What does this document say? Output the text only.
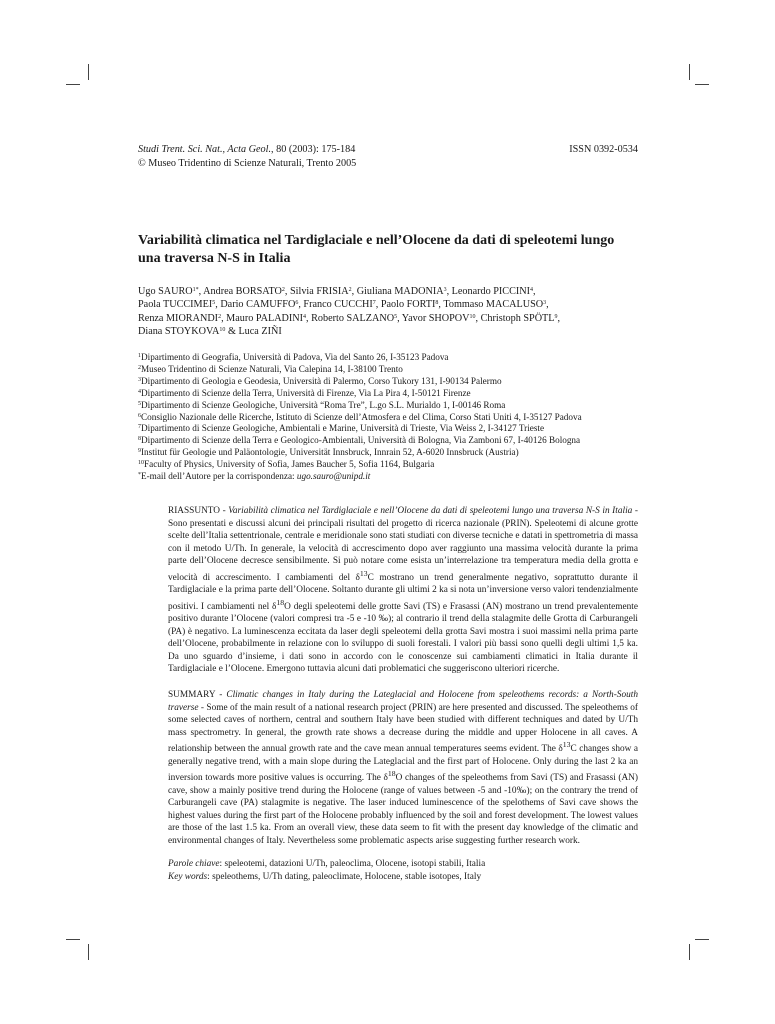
Studi Trent. Sci. Nat., Acta Geol., 80 (2003): 175-184	ISSN 0392-0534
© Museo Tridentino di Scienze Naturali, Trento 2005
Variabilità climatica nel Tardiglaciale e nell’Olocene da dati di speleotemi lungo
una traversa N-S in Italia
Ugo $SAURO^{1*}$, Andrea BORSATO$^2$, Silvia FRISIA$^2$, Giuliana MADONIA$^3$, Leonardo PICCINI$^4$,
Paola TUCCIMEI$^5$, Dario CAMUFFO$^6$, Franco CUCCHI$^7$, Paolo FORTI$^8$, Tommaso MACALUSO$^3$,
Renza MIORANDI$^2$, Mauro PALADINI$^4$, Roberto SALZANO$^5$, Yavor SHOPOV$^{10}$, Christoph SPÖTL$^9$,
Diana STOYKOVA$^{10}$ & Luca ZIÑI
$^1$Dipartimento di Geografia, Università di Padova, Via del Santo 26, I-35123 Padova
$^2$Museo Tridentino di Scienze Naturali, Via Calepina 14, I-38100 Trento
$^3$Dipartimento di Geologia e Geodesia, Università di Palermo, Corso Tukory 131, I-90134 Palermo
$^4$Dipartimento di Scienze della Terra, Università di Firenze, Via La Pira 4, I-50121 Firenze
$^5$Dipartimento di Scienze Geologiche, Università “Roma Tre”, L.go S.L. Murialdo 1, I-00146 Roma
$^6$Consiglio Nazionale delle Ricerche, Istituto di Scienze dell’Atmosfera e del Clima, Corso Stati Uniti 4, I-35127 Padova
$^7$Dipartimento di Scienze Geologiche, Ambientali e Marine, Università di Trieste, Via Weiss 2, I-34127 Trieste
$^8$Dipartimento di Scienze della Terra e Geologico-Ambientali, Università di Bologna, Via Zamboni 67, I-40126 Bologna
$^9$Institut für Geologie und Paläontologie, Universität Innsbruck, Innrain 52, A-6020 Innsbruck (Austria)
$^{10}$Faculty of Physics, University of Sofia, James Baucher 5, Sofia 1164, Bulgaria
*E-mail dell’Autore per la corrispondenza: ugo.sauro@unipd.it
RIASSUNTO - Variabilità climatica nel Tardiglaciale e nell’Olocene da dati di speleotemi lungo una traversa N-S in Italia - Sono presentati e discussi alcuni dei principali risultati del progetto di ricerca nazionale (PRIN). Speleotemi di alcune grotte scelte dell’Italia settentrionale, centrale e meridionale sono stati studiati con diverse tecniche e datati in spettrometria di massa con il metodo U/Th. In generale, la velocità di accrescimento dopo aver raggiunto una massima velocità durante la prima parte dell’Olocene decresce sensibilmente. Si può notare come esista un’interrelazione tra temperatura media della grotta e velocità di accrescimento. I cambiamenti del $\delta^{13}C$ mostrano un trend generalmente negativo, soprattutto durante il Tardiglaciale e la prima parte dell’Olocene. Soltanto durante gli ultimi 2 ka si nota un’inversione verso valori tendenzialmente positivi. I cambiamenti nel $\delta^{18}O$ degli speleotemi delle grotte Savi (TS) e Frasassi (AN) mostrano un trend prevalentemente positivo durante l’Olocene (valori compresi tra -5 e -10 ‰); al contrario il trend della stalagmite delle Grotta di Carburangeli (PA) è negativo. La luminescenza eccitata da laser degli speleotemi della grotta Savi mostra i suoi massimi nella prima parte dell’Olocene, probabilmente in relazione con lo sviluppo di suoli forestali. I valori più bassi sono quelli degli ultimi 1,5 ka. Da uno sguardo d’insieme, i dati sono in accordo con le conoscenze sui cambiamenti climatici in Italia durante il Tardiglaciale e l’Olocene. Emergono tuttavia alcuni dati problematici che suggeriscono ulteriori ricerche.
SUMMARY - Climatic changes in Italy during the Lateglacial and Holocene from speleothems records: a North-South traverse - Some of the main result of a national research project (PRIN) are here presented and discussed. The speleothems of some selected caves of northern, central and southern Italy have been studied with different techniques and dated by U/Th mass spectrometry. In general, the growth rate shows a decrease during the middle and upper Holocene in all caves. A relationship between the annual growth rate and the cave mean annual temperatures seems evident. The $\delta^{13}C$ changes show a generally negative trend, with a main slope during the Lateglacial and the first part of Holocene. Only during the last 2 ka an inversion towards more positive values is occurring. The $\delta^{18}O$ changes of the speleothems from Savi (TS) and Frasassi (AN) cave, show a mainly positive trend during the Holocene (range of values between -5 and -10‰); on the contrary the trend of Carburangeli cave (PA) stalagmite is negative. The laser induced luminescence of the spelothems of Savi cave shows the highest values during the first part of the Holocene probably influenced by the soil and forest development. The lowest values are those of the last 1.5 ka. From an overall view, these data seem to fit with the present day knowledge of the climatic and environmental changes of Italy. Nevertheless some problematic aspects arise suggesting further research work.
Parole chiave: speleotemi, datazioni U/Th, paleoclima, Olocene, isotopi stabili, Italia
Key words: speleothems, U/Th dating, paleoclimate, Holocene, stable isotopes, Italy
